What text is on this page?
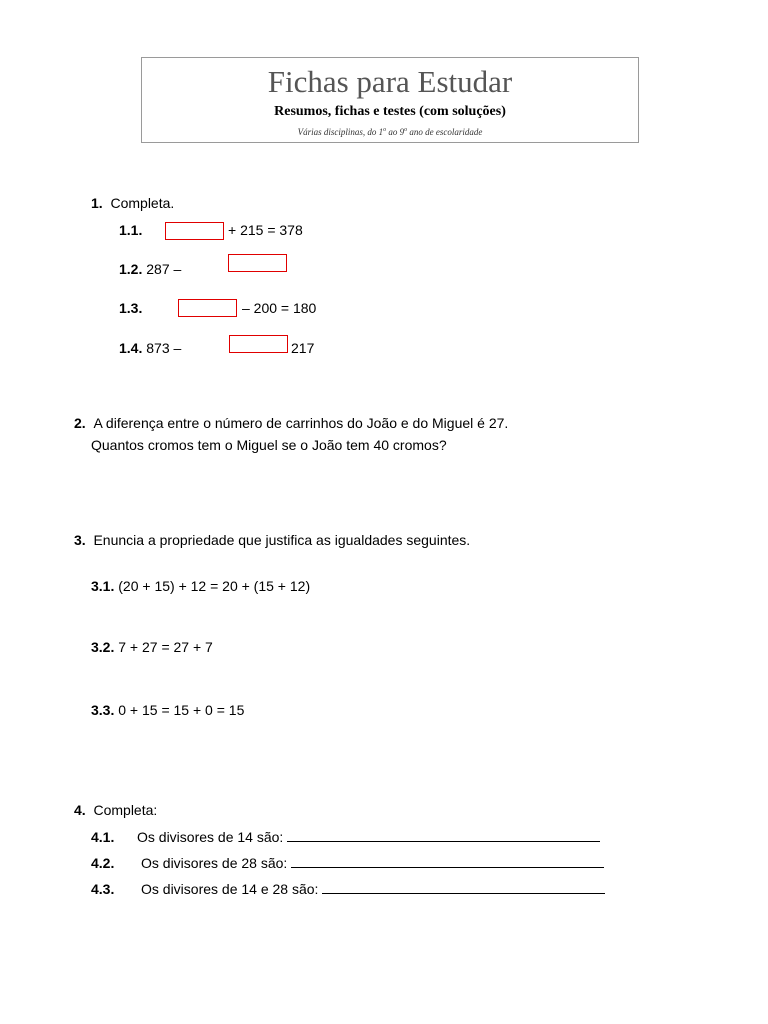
Fichas para Estudar
Resumos, fichas e testes (com soluções)
Várias disciplinas, do 1$^o$ ao 9$^o$ ano de escolaridade
1. Completa.
1.1.	+ 215 = 378
1.2. 287 –
1.3.	– 200 = 180
1.4. 873 –	217
2. A diferença entre o número de carrinhos do João e do Miguel é 27.
Quantos cromos tem o Miguel se o João tem 40 cromos?
3. Enuncia a propriedade que justifica as igualdades seguintes.
3.1. (20 + 15) + 12 = 20 + (15 + 12)
3.2. 7 + 27 = 27 + 7
3.3. 0 + 15 = 15 + 0 = 15
4. Completa:
4.1. Os divisores de 14 são:
4.2. Os divisores de 28 são:
4.3. Os divisores de 14 e 28 são:
